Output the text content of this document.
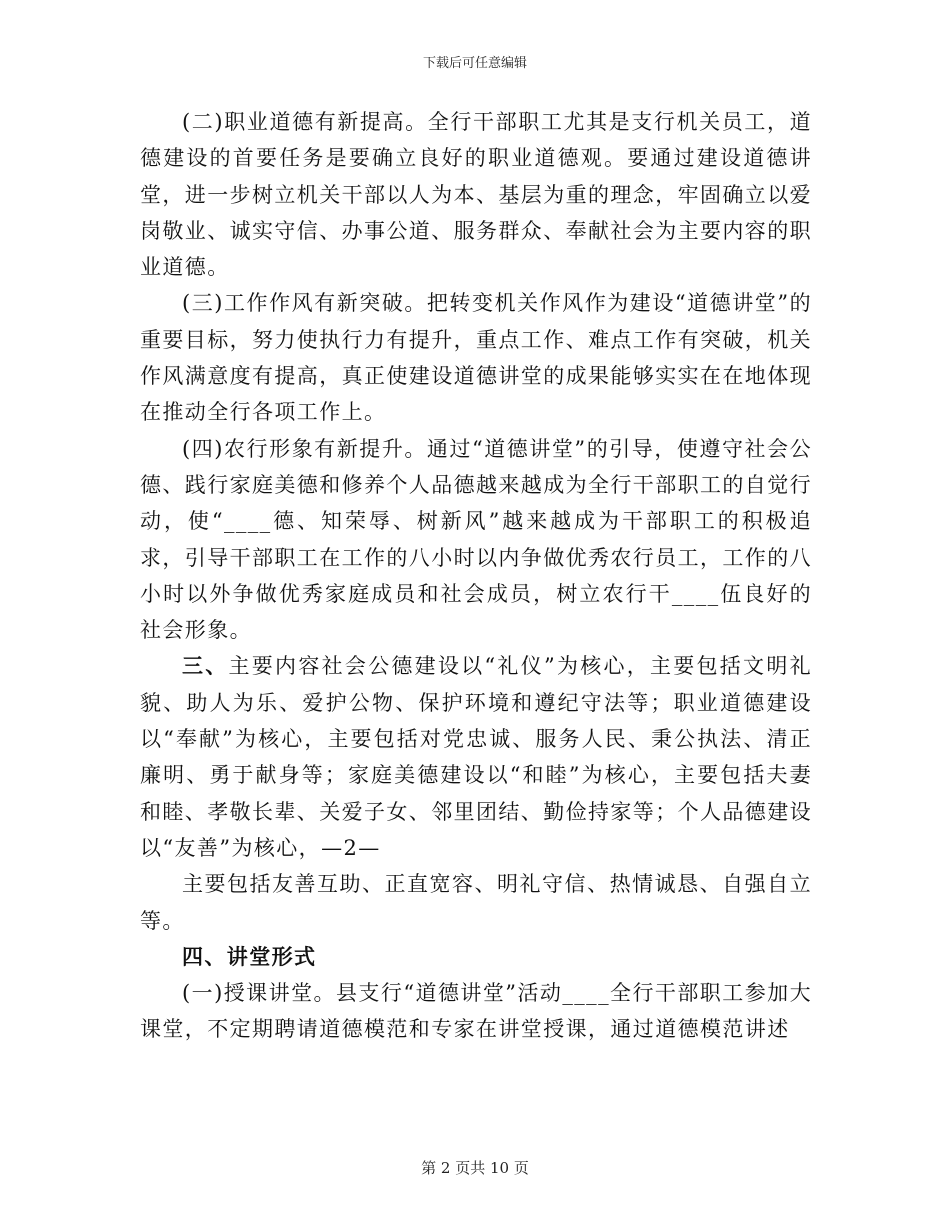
下载后可任意编辑

(二)职业道德有新提高。全行干部职工尤其是支行机关员工，道德建设的首要任务是要确立良好的职业道德观。要通过建设道德讲堂，进一步树立机关干部以人为本、基层为重的理念，牢固确立以爱岗敬业、诚实守信、办事公道、服务群众、奉献社会为主要内容的职业道德。

(三)工作作风有新突破。把转变机关作风作为建设“道德讲堂”的重要目标，努力使执行力有提升，重点工作、难点工作有突破，机关作风满意度有提高，真正使建设道德讲堂的成果能够实实在在地体现在推动全行各项工作上。

(四)农行形象有新提升。通过“道德讲堂”的引导，使遵守社会公德、践行家庭美德和修养个人品德越来越成为全行干部职工的自觉行动，使“____德、知荣辱、树新风”越来越成为干部职工的积极追求，引导干部职工在工作的八小时以内争做优秀农行员工，工作的八小时以外争做优秀家庭成员和社会成员，树立农行干____伍良好的社会形象。

三、主要内容社会公德建设以“礼仪”为核心，主要包括文明礼貌、助人为乐、爱护公物、保护环境和遵纪守法等；职业道德建设以“奉献”为核心，主要包括对党忠诚、服务人民、秉公执法、清正廉明、勇于献身等；家庭美德建设以“和睦”为核心，主要包括夫妻和睦、孝敬长辈、关爱子女、邻里团结、勤俭持家等；个人品德建设以“友善”为核心，—2—

主要包括友善互助、正直宽容、明礼守信、热情诚恳、自强自立等。

四、讲堂形式

(一)授课讲堂。县支行“道德讲堂”活动____全行干部职工参加大课堂，不定期聘请道德模范和专家在讲堂授课，通过道德模范讲述

第 2 页共 10 页
